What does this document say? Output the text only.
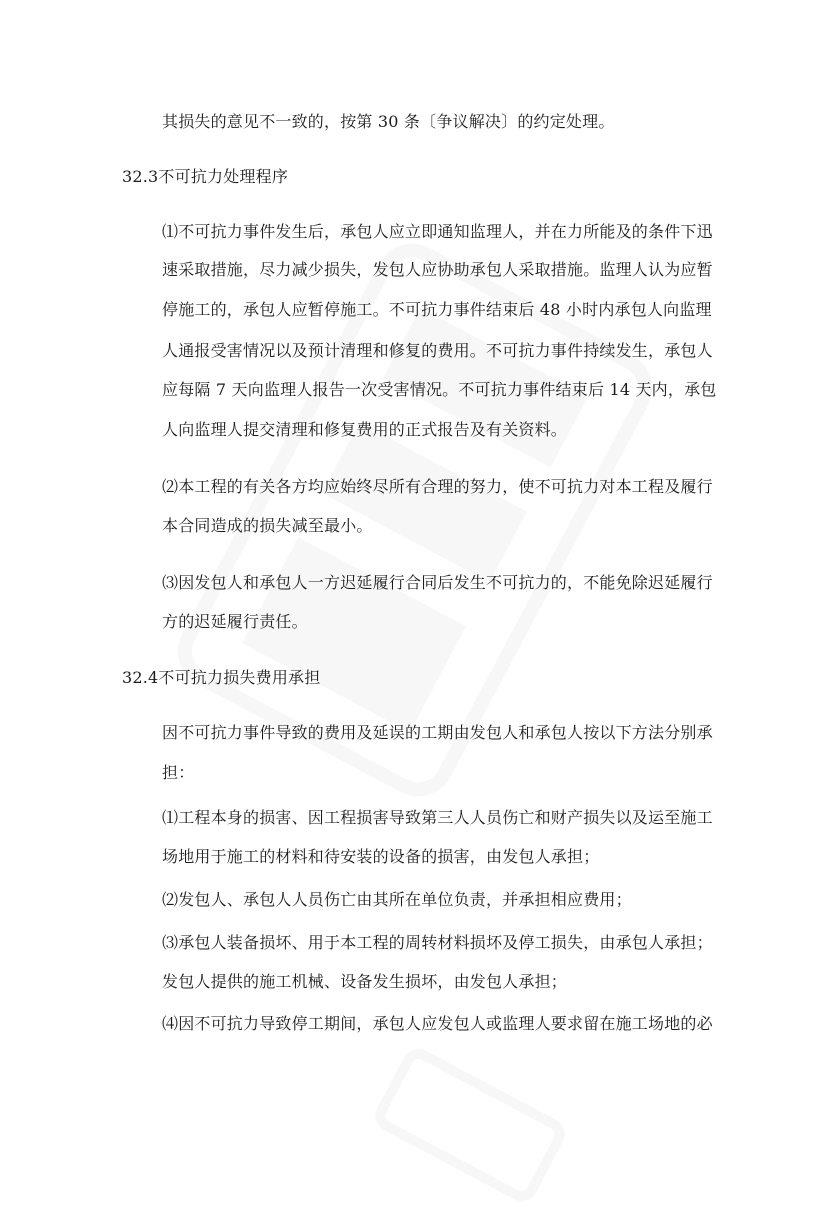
其损失的意见不一致的，按第 30 条〔争议解决〕的约定处理。
32.3不可抗力处理程序
⑴不可抗力事件发生后，承包人应立即通知监理人，并在力所能及的条件下迅
速采取措施，尽力减少损失，发包人应协助承包人采取措施。监理人认为应暂
停施工的，承包人应暂停施工。不可抗力事件结束后 48 小时内承包人向监理
人通报受害情况以及预计清理和修复的费用。不可抗力事件持续发生，承包人
应每隔 7 天向监理人报告一次受害情况。不可抗力事件结束后 14 天内，承包
人向监理人提交清理和修复费用的正式报告及有关资料。
⑵本工程的有关各方均应始终尽所有合理的努力，使不可抗力对本工程及履行
本合同造成的损失减至最小。
⑶因发包人和承包人一方迟延履行合同后发生不可抗力的，不能免除迟延履行
方的迟延履行责任。
32.4不可抗力损失费用承担
因不可抗力事件导致的费用及延误的工期由发包人和承包人按以下方法分别承
担：
⑴工程本身的损害、因工程损害导致第三人人员伤亡和财产损失以及运至施工
场地用于施工的材料和待安装的设备的损害，由发包人承担；
⑵发包人、承包人人员伤亡由其所在单位负责，并承担相应费用；
⑶承包人装备损坏、用于本工程的周转材料损坏及停工损失，由承包人承担；
发包人提供的施工机械、设备发生损坏，由发包人承担；
⑷因不可抗力导致停工期间，承包人应发包人或监理人要求留在施工场地的必
